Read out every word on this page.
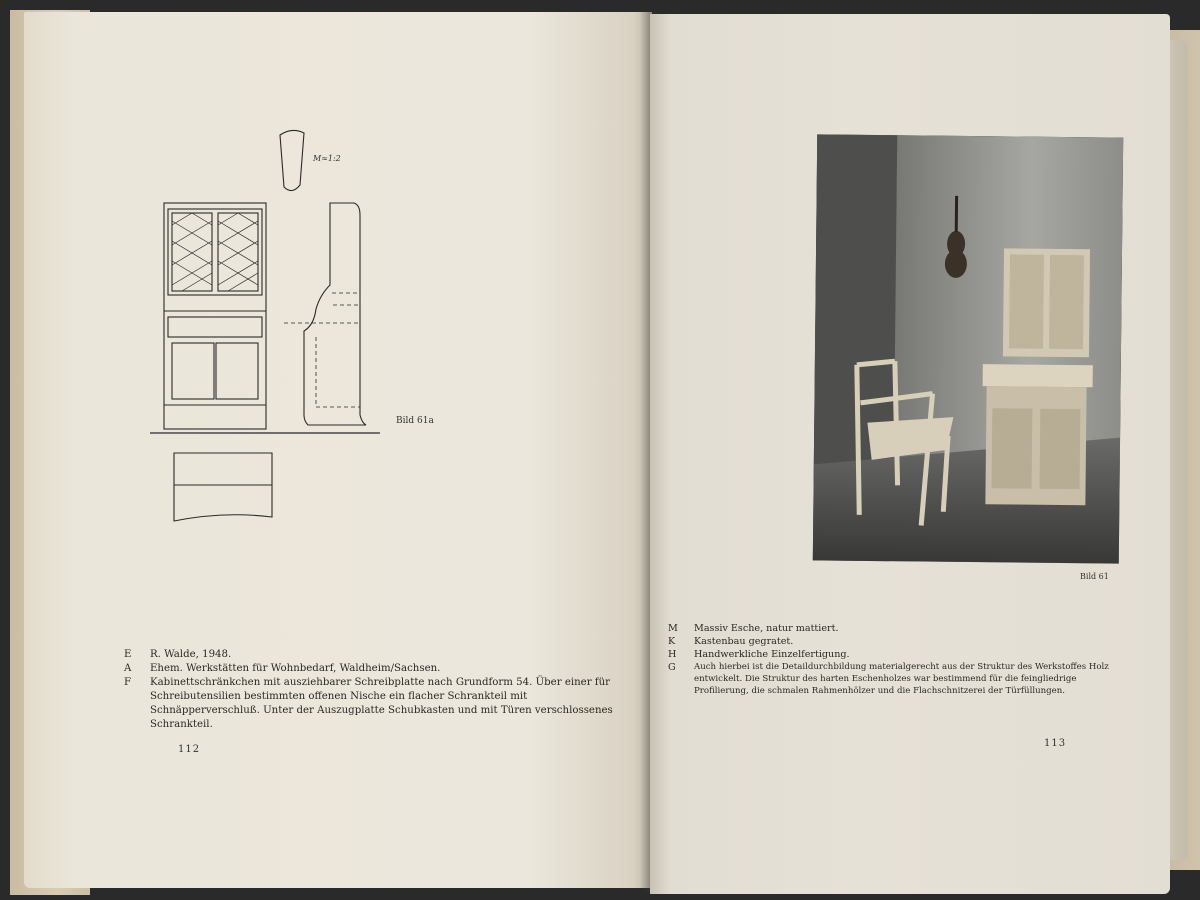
M≈1:2
Bild 61a
E	R. Walde, 1948.
A	Ehem. Werkstätten für Wohnbedarf, Waldheim/Sachsen.
F	Kabinettschränkchen mit ausziehbarer Schreibplatte nach Grundform 54. Über einer für Schreibutensilien bestimmten offenen Nische ein flacher Schrankteil mit Schnäpperverschluß. Unter der Auszugplatte Schubkasten und mit Türen verschlossenes Schrankteil.
112
Bild 61
M	Massiv Esche, natur mattiert.
K	Kastenbau gegratet.
H	Handwerkliche Einzelfertigung.
G	Auch hierbei ist die Detaildurchbildung materialgerecht aus der Struktur des Werkstoffes Holz entwickelt. Die Struktur des harten Eschenholzes war bestimmend für die feingliedrige Profilierung, die schmalen Rahmenhölzer und die Flachschnitzerei der Türfüllungen.
113
